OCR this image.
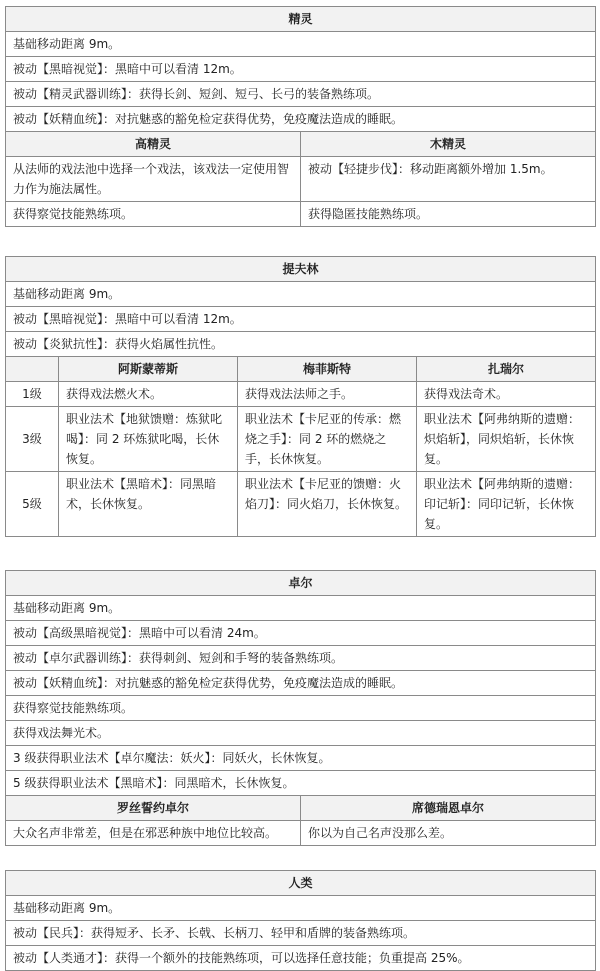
精灵	
基础移动距离 9m。	
被动【黑暗视觉】：黑暗中可以看清 12m。	
被动【精灵武器训练】：获得长剑、短剑、短弓、长弓的装备熟练项。	
被动【妖精血统】：对抗魅惑的豁免检定获得优势，免疫魔法造成的睡眠。	
高精灵	木精灵
从法师的戏法池中选择一个戏法，该戏法一定使用智力作为施法属性。	被动【轻捷步伐】：移动距离额外增加 1.5m。
获得察觉技能熟练项。	获得隐匿技能熟练项。
提夫林			
基础移动距离 9m。			
被动【黑暗视觉】：黑暗中可以看清 12m。			
被动【炎狱抗性】：获得火焰属性抗性。			
	阿斯蒙蒂斯	梅菲斯特	扎瑞尔
1级	获得戏法燃火术。	获得戏法法师之手。	获得戏法奇术。
3级	职业法术【地狱馈赠：炼狱叱喝】：同 2 环炼狱叱喝，长休恢复。	职业法术【卡尼亚的传承：燃烧之手】：同 2 环的燃烧之手，长休恢复。	职业法术【阿弗纳斯的遗赠：炽焰斩】，同炽焰斩，长休恢复。
5级	职业法术【黑暗术】：同黑暗术，长休恢复。	职业法术【卡尼亚的馈赠：火焰刀】：同火焰刀，长休恢复。	职业法术【阿弗纳斯的遗赠：印记斩】：同印记斩，长休恢复。
卓尔	
基础移动距离 9m。	
被动【高级黑暗视觉】：黑暗中可以看清 24m。	
被动【卓尔武器训练】：获得刺剑、短剑和手弩的装备熟练项。	
被动【妖精血统】：对抗魅惑的豁免检定获得优势，免疫魔法造成的睡眠。	
获得察觉技能熟练项。	
获得戏法舞光术。	
3 级获得职业法术【卓尔魔法：妖火】：同妖火，长休恢复。	
5 级获得职业法术【黑暗术】：同黑暗术，长休恢复。	
罗丝誓约卓尔	席德瑞恩卓尔
大众名声非常差，但是在邪恶种族中地位比较高。	你以为自己名声没那么差。
人类
基础移动距离 9m。
被动【民兵】：获得短矛、长矛、长戟、长柄刀、轻甲和盾牌的装备熟练项。
被动【人类通才】：获得一个额外的技能熟练项，可以选择任意技能；负重提高 25%。
